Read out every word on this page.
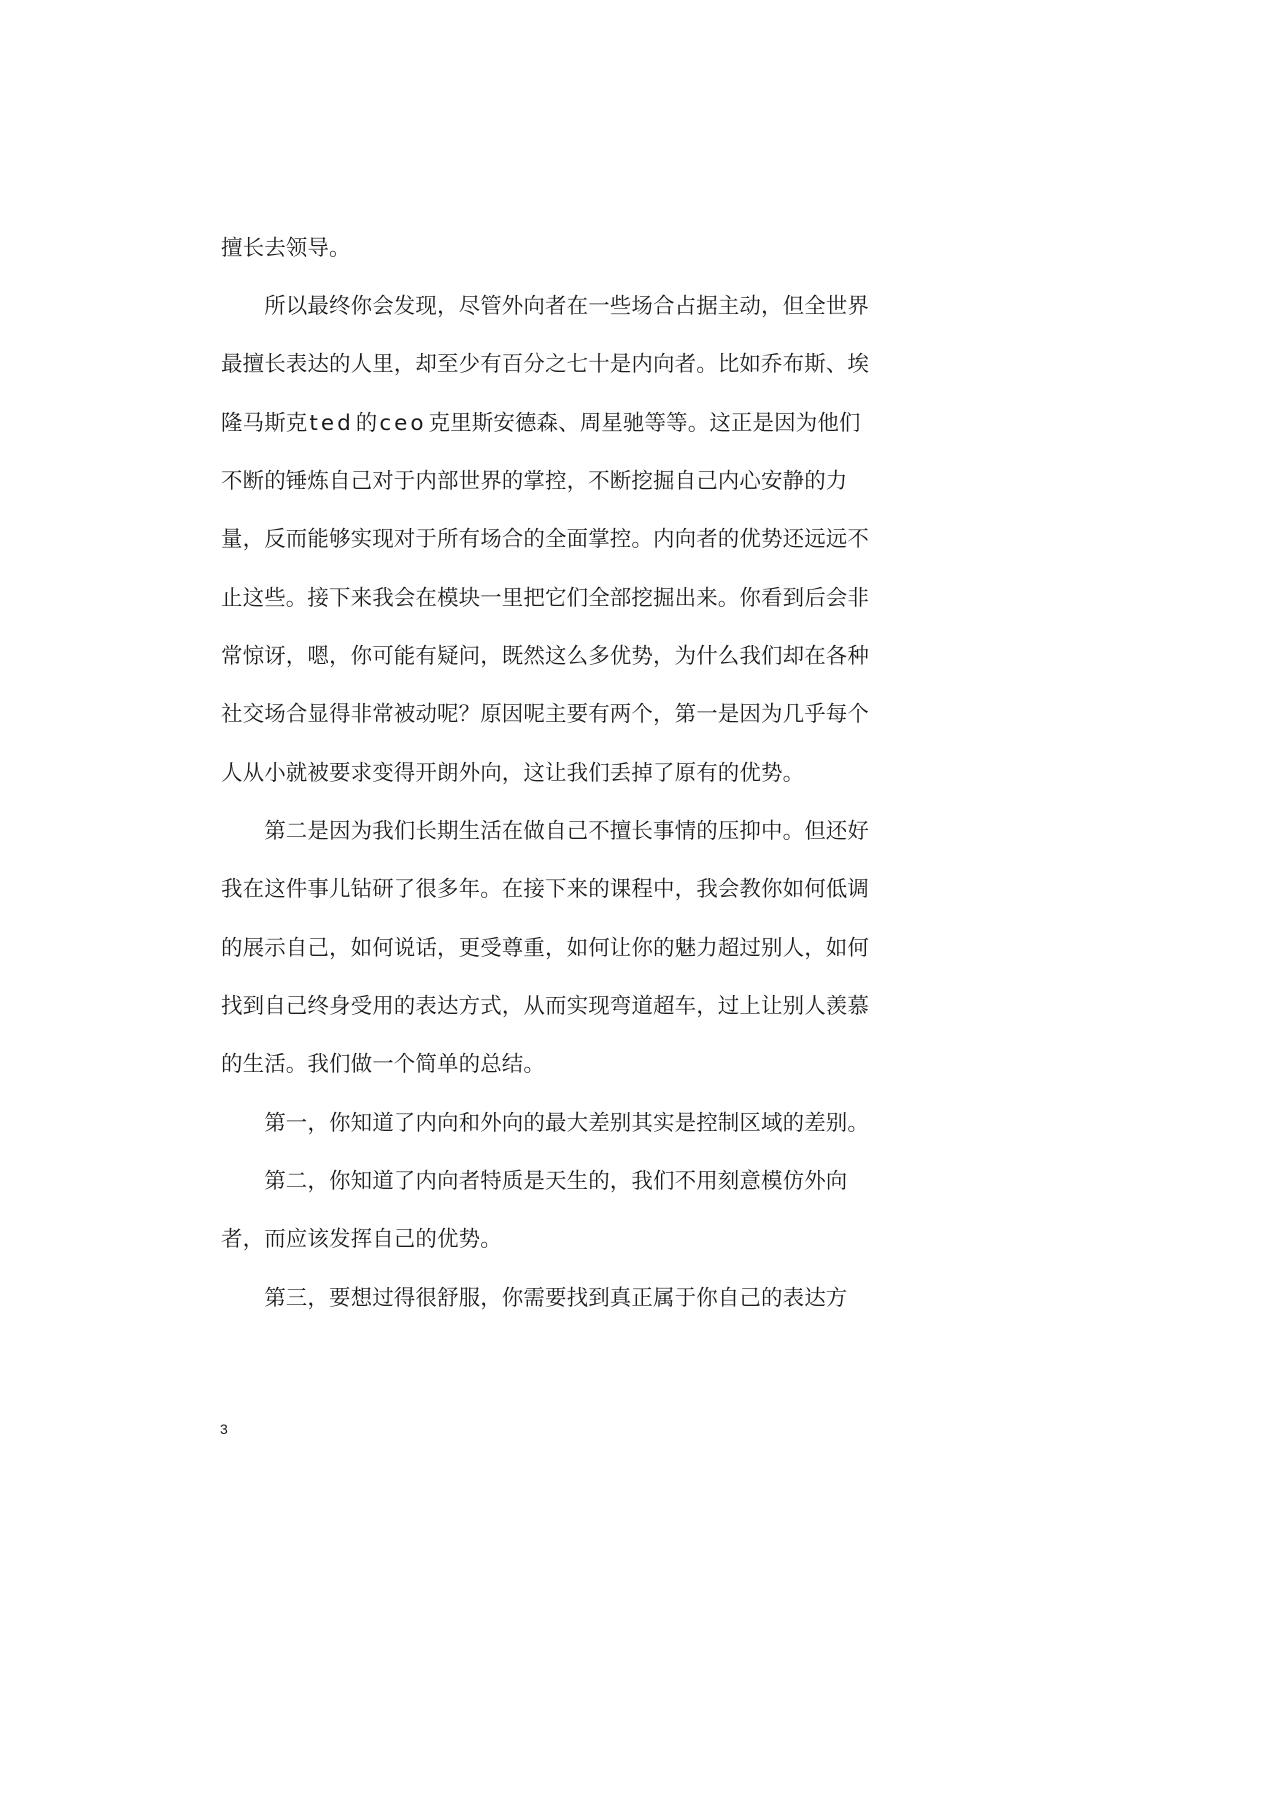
擅长去领导。
　　所以最终你会发现，尽管外向者在一些场合占据主动，但全世界
最擅长表达的人里，却至少有百分之七十是内向者。比如乔布斯、埃
隆马斯克ted的ceo克里斯安德森、周星驰等等。这正是因为他们
不断的锤炼自己对于内部世界的掌控，不断挖掘自己内心安静的力
量，反而能够实现对于所有场合的全面掌控。内向者的优势还远远不
止这些。接下来我会在模块一里把它们全部挖掘出来。你看到后会非
常惊讶，嗯，你可能有疑问，既然这么多优势，为什么我们却在各种
社交场合显得非常被动呢？原因呢主要有两个，第一是因为几乎每个
人从小就被要求变得开朗外向，这让我们丢掉了原有的优势。
　　第二是因为我们长期生活在做自己不擅长事情的压抑中。但还好
我在这件事儿钻研了很多年。在接下来的课程中，我会教你如何低调
的展示自己，如何说话，更受尊重，如何让你的魅力超过别人，如何
找到自己终身受用的表达方式，从而实现弯道超车，过上让别人羡慕
的生活。我们做一个简单的总结。
　　第一，你知道了内向和外向的最大差别其实是控制区域的差别。
　　第二，你知道了内向者特质是天生的，我们不用刻意模仿外向
者，而应该发挥自己的优势。
　　第三，要想过得很舒服，你需要找到真正属于你自己的表达方
3
